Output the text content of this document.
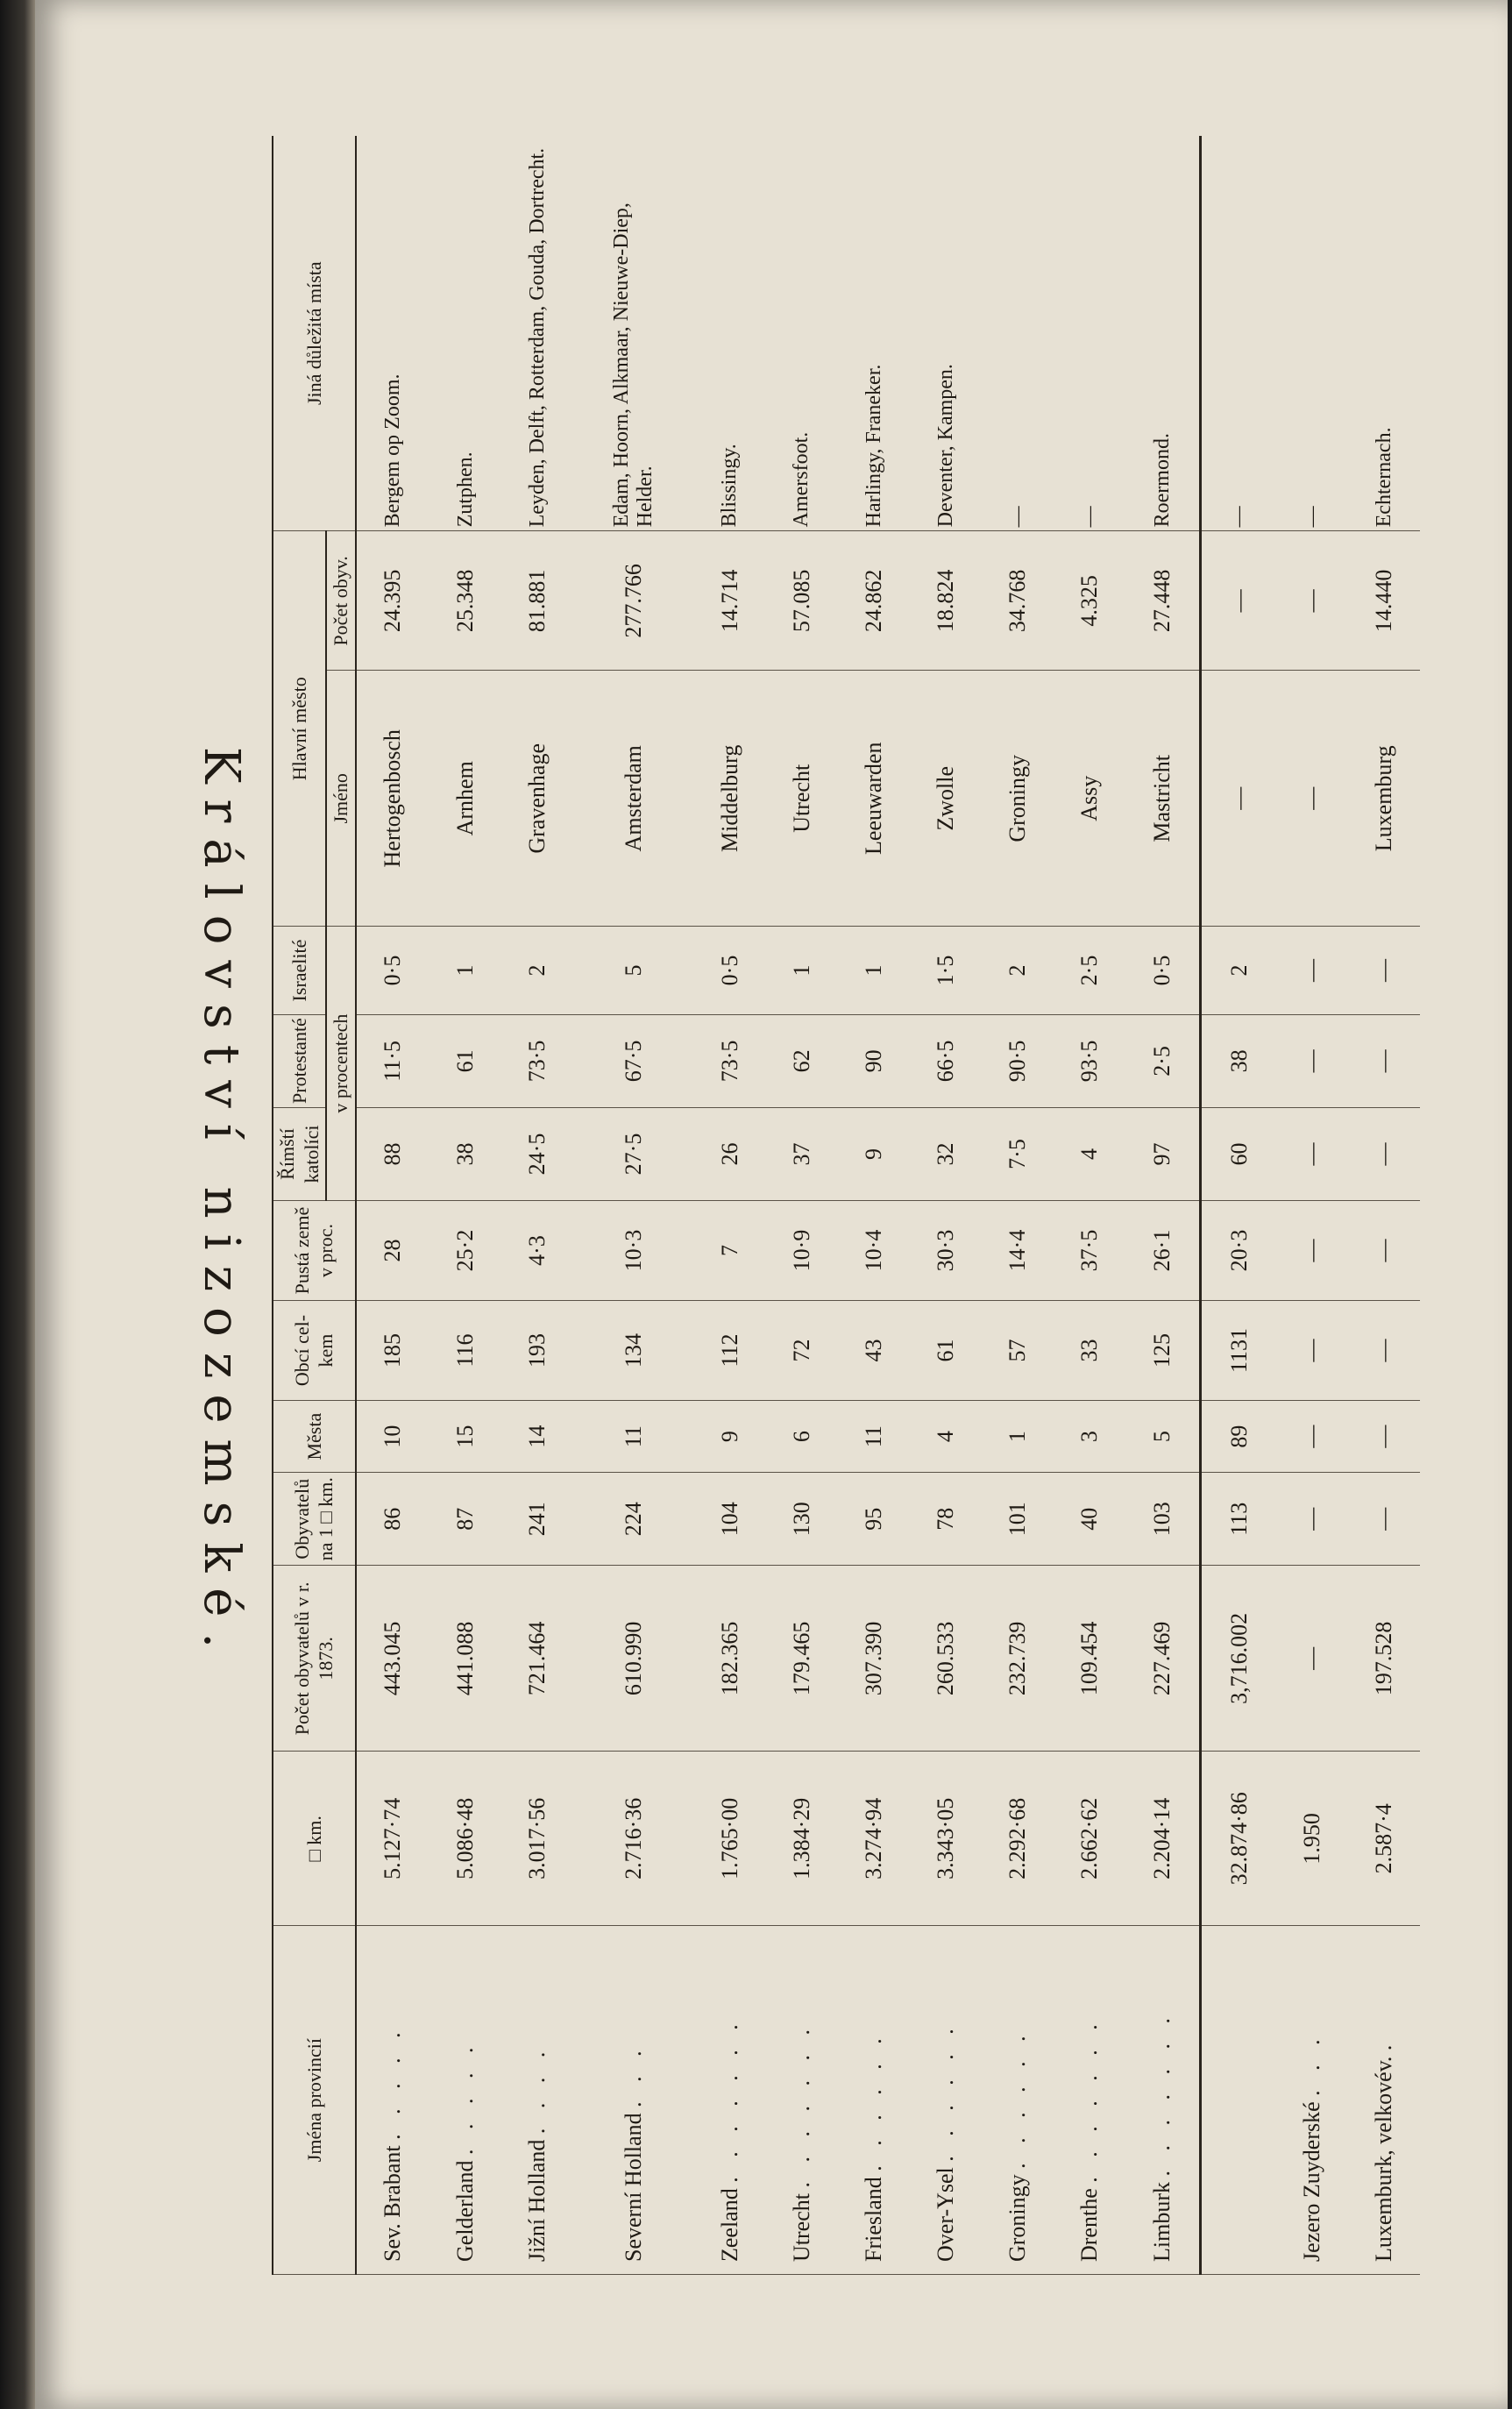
Království nizozemské.
Jména provincií	□ km.	Počet obyvatelů v r. 1873.	Obyvatelů na 1 □ km.	Města	Obcí cel-kem	Pustá země v proc.	Římští katolíci	Protestanté	Israelité	Hlavní město		Jiná důležitá místa
							v procentech			Jméno	Počet obyv.	
Sev. Brabant . . . . .	5.127·74	443.045	86	10	185	28	88	11·5	0·5	Hertogenbosch	24.395	Bergem op Zoom.
Gelderland . . . . .	5.086·48	441.088	87	15	116	25·2	38	61	1	Arnhem	25.348	Zutphen.
Jižní Holland . . . .	3.017·56	721.464	241	14	193	4·3	24·5	73·5	2	Gravenhage	81.881	Leyden, Delft, Rotterdam, Gouda, Dortrecht.
Severní Holland . . .	2.716·36	610.990	224	11	134	10·3	27·5	67·5	5	Amsterdam	277.766	Edam, Hoorn, Alkmaar, Nieuwe-Diep, Helder.
Zeeland . . . . . . .	1.765·00	182.365	104	9	112	7	26	73·5	0·5	Middelburg	14.714	Blissingy.
Utrecht . . . . . . .	1.384·29	179.465	130	6	72	10·9	37	62	1	Utrecht	57.085	Amersfoot.
Friesland . . . . . .	3.274·94	307.390	95	11	43	10·4	9	90	1	Leeuwarden	24.862	Harlingy, Franeker.
Over-Ysel . . . . . .	3.343·05	260.533	78	4	61	30·3	32	66·5	1·5	Zwolle	18.824	Deventer, Kampen.
Groningy . . . . . .	2.292·68	232.739	101	1	57	14·4	7·5	90·5	2	Groningy	34.768	—
Drenthe . . . . . . .	2.662·62	109.454	40	3	33	37·5	4	93·5	2·5	Assy	4.325	—
Limburk . . . . . . .	2.204·14	227.469	103	5	125	26·1	97	2·5	0·5	Mastricht	27.448	Roermond.
	32.874·86	3,716.002	113	89	1131	20·3	60	38	2	—	—	—
Jezero Zuyderské . . .	1.950	—	—	—	—	—	—	—	—	—	—	—
Luxemburk, velkovév. .	2.587·4	197.528	—	—	—	—	—	—	—	Luxemburg	14.440	Echternach.
